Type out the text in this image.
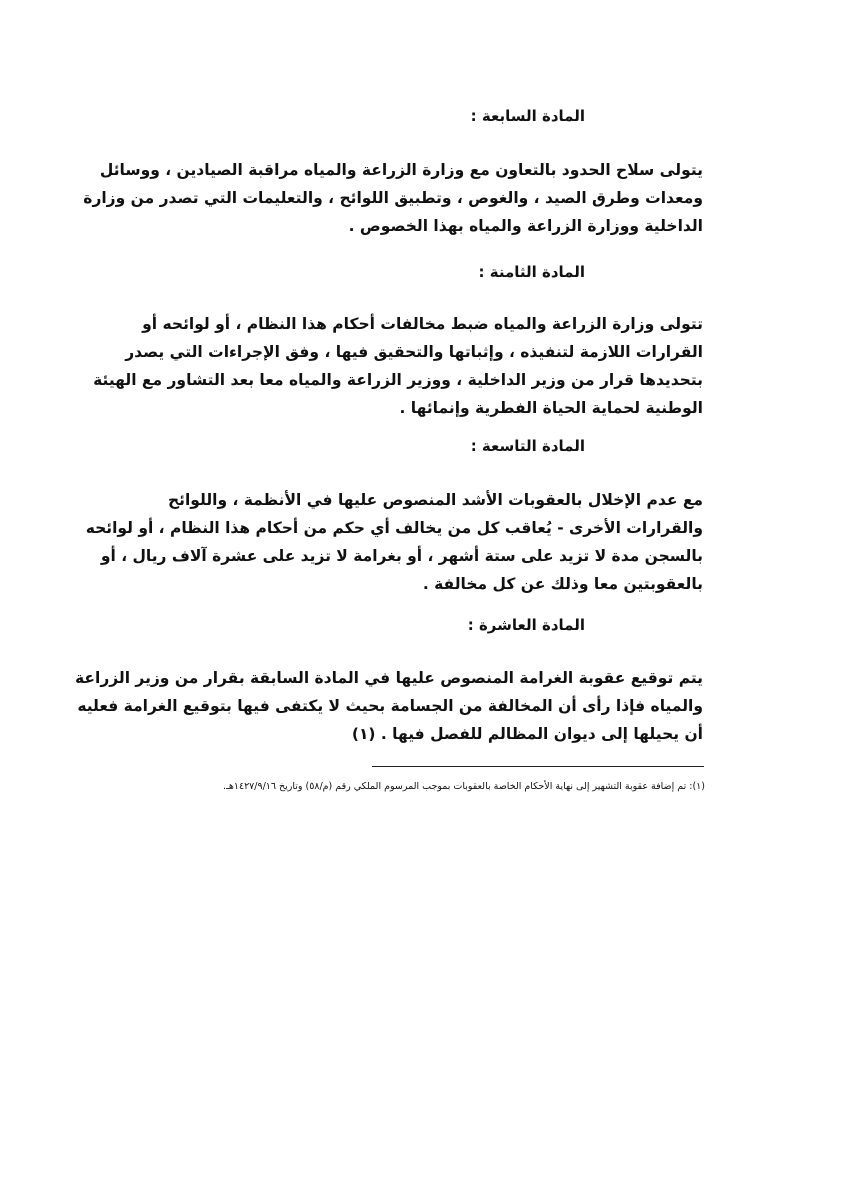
المادة السابعة :
يتولى سلاح الحدود بالتعاون مع وزارة الزراعة والمياه مراقبة الصيادين ، ووسائل
ومعدات وطرق الصيد ، والغوص ، وتطبيق اللوائح ، والتعليمات التي تصدر من وزارة
الداخلية ووزارة الزراعة والمياه بهذا الخصوص .
المادة الثامنة :
تتولى وزارة الزراعة والمياه ضبط مخالفات أحكام هذا النظام ، أو لوائحه أو
القرارات اللازمة لتنفيذه ، وإثباتها والتحقيق فيها ، وفق الإجراءات التي يصدر
بتحديدها قرار من وزير الداخلية ، ووزير الزراعة والمياه معا بعد التشاور مع الهيئة
الوطنية لحماية الحياة الفطرية وإنمائها .
المادة التاسعة :
مع عدم الإخلال بالعقوبات الأشد المنصوص عليها في الأنظمة ، واللوائح
والقرارات الأخرى - يُعاقب كل من يخالف أي حكم من أحكام هذا النظام ، أو لوائحه
بالسجن مدة لا تزيد على ستة أشهر ، أو بغرامة لا تزيد على عشرة آلاف ريال ، أو
بالعقوبتين معا وذلك عن كل مخالفة .
المادة العاشرة :
يتم توقيع عقوبة الغرامة المنصوص عليها في المادة السابقة بقرار من وزير الزراعة
والمياه فإذا رأى أن المخالفة من الجسامة بحيث لا يكتفى فيها بتوقيع الغرامة فعليه
أن يحيلها إلى ديوان المظالم للفصل فيها . (١)
(١): تم إضافة عقوبة التشهير إلى نهاية الأحكام الخاصة بالعقوبات بموجب المرسوم الملكي رقم (م/٥٨) وتاريخ ١٤٢٧/٩/١٦هـ.
